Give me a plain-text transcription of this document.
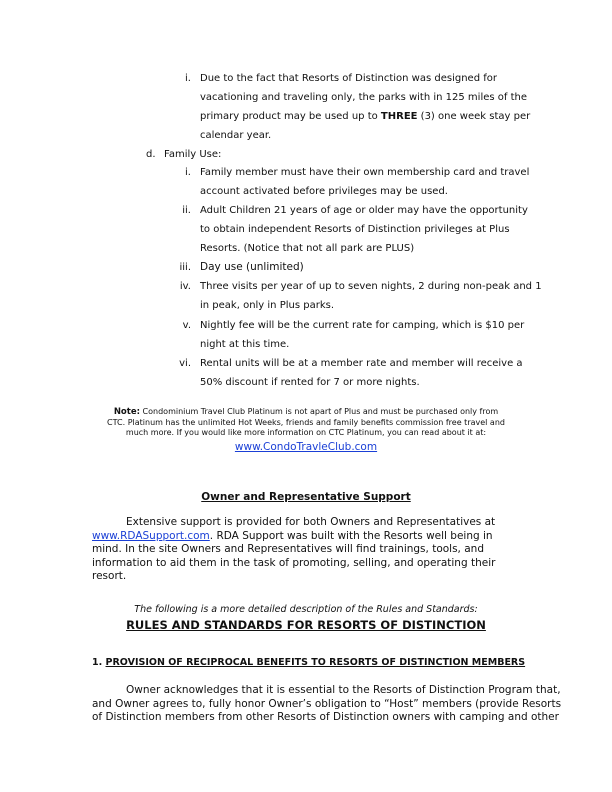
i. Due to the fact that Resorts of Distinction was designed for
vacationing and traveling only, the parks with in 125 miles of the
primary product may be used up to THREE (3) one week stay per
calendar year.
d. Family Use:
i. Family member must have their own membership card and travel
account activated before privileges may be used.
ii. Adult Children 21 years of age or older may have the opportunity
to obtain independent Resorts of Distinction privileges at Plus
Resorts. (Notice that not all park are PLUS)
iii. Day use (unlimited)
iv. Three visits per year of up to seven nights, 2 during non-peak and 1
in peak, only in Plus parks.
v. Nightly fee will be the current rate for camping, which is $10 per
night at this time.
vi. Rental units will be at a member rate and member will receive a
50% discount if rented for 7 or more nights.
Note: Condominium Travel Club Platinum is not apart of Plus and must be purchased only from
CTC. Platinum has the unlimited Hot Weeks, friends and family benefits commission free travel and
much more. If you would like more information on CTC Platinum, you can read about it at:
www.CondoTravleClub.com
Owner and Representative Support
Extensive support is provided for both Owners and Representatives at
www.RDASupport.com. RDA Support was built with the Resorts well being in
mind. In the site Owners and Representatives will find trainings, tools, and
information to aid them in the task of promoting, selling, and operating their
resort.
The following is a more detailed description of the Rules and Standards:
RULES AND STANDARDS FOR RESORTS OF DISTINCTION
1. PROVISION OF RECIPROCAL BENEFITS TO RESORTS OF DISTINCTION MEMBERS
Owner acknowledges that it is essential to the Resorts of Distinction Program that,
and Owner agrees to, fully honor Owner’s obligation to “Host” members (provide Resorts
of Distinction members from other Resorts of Distinction owners with camping and other
